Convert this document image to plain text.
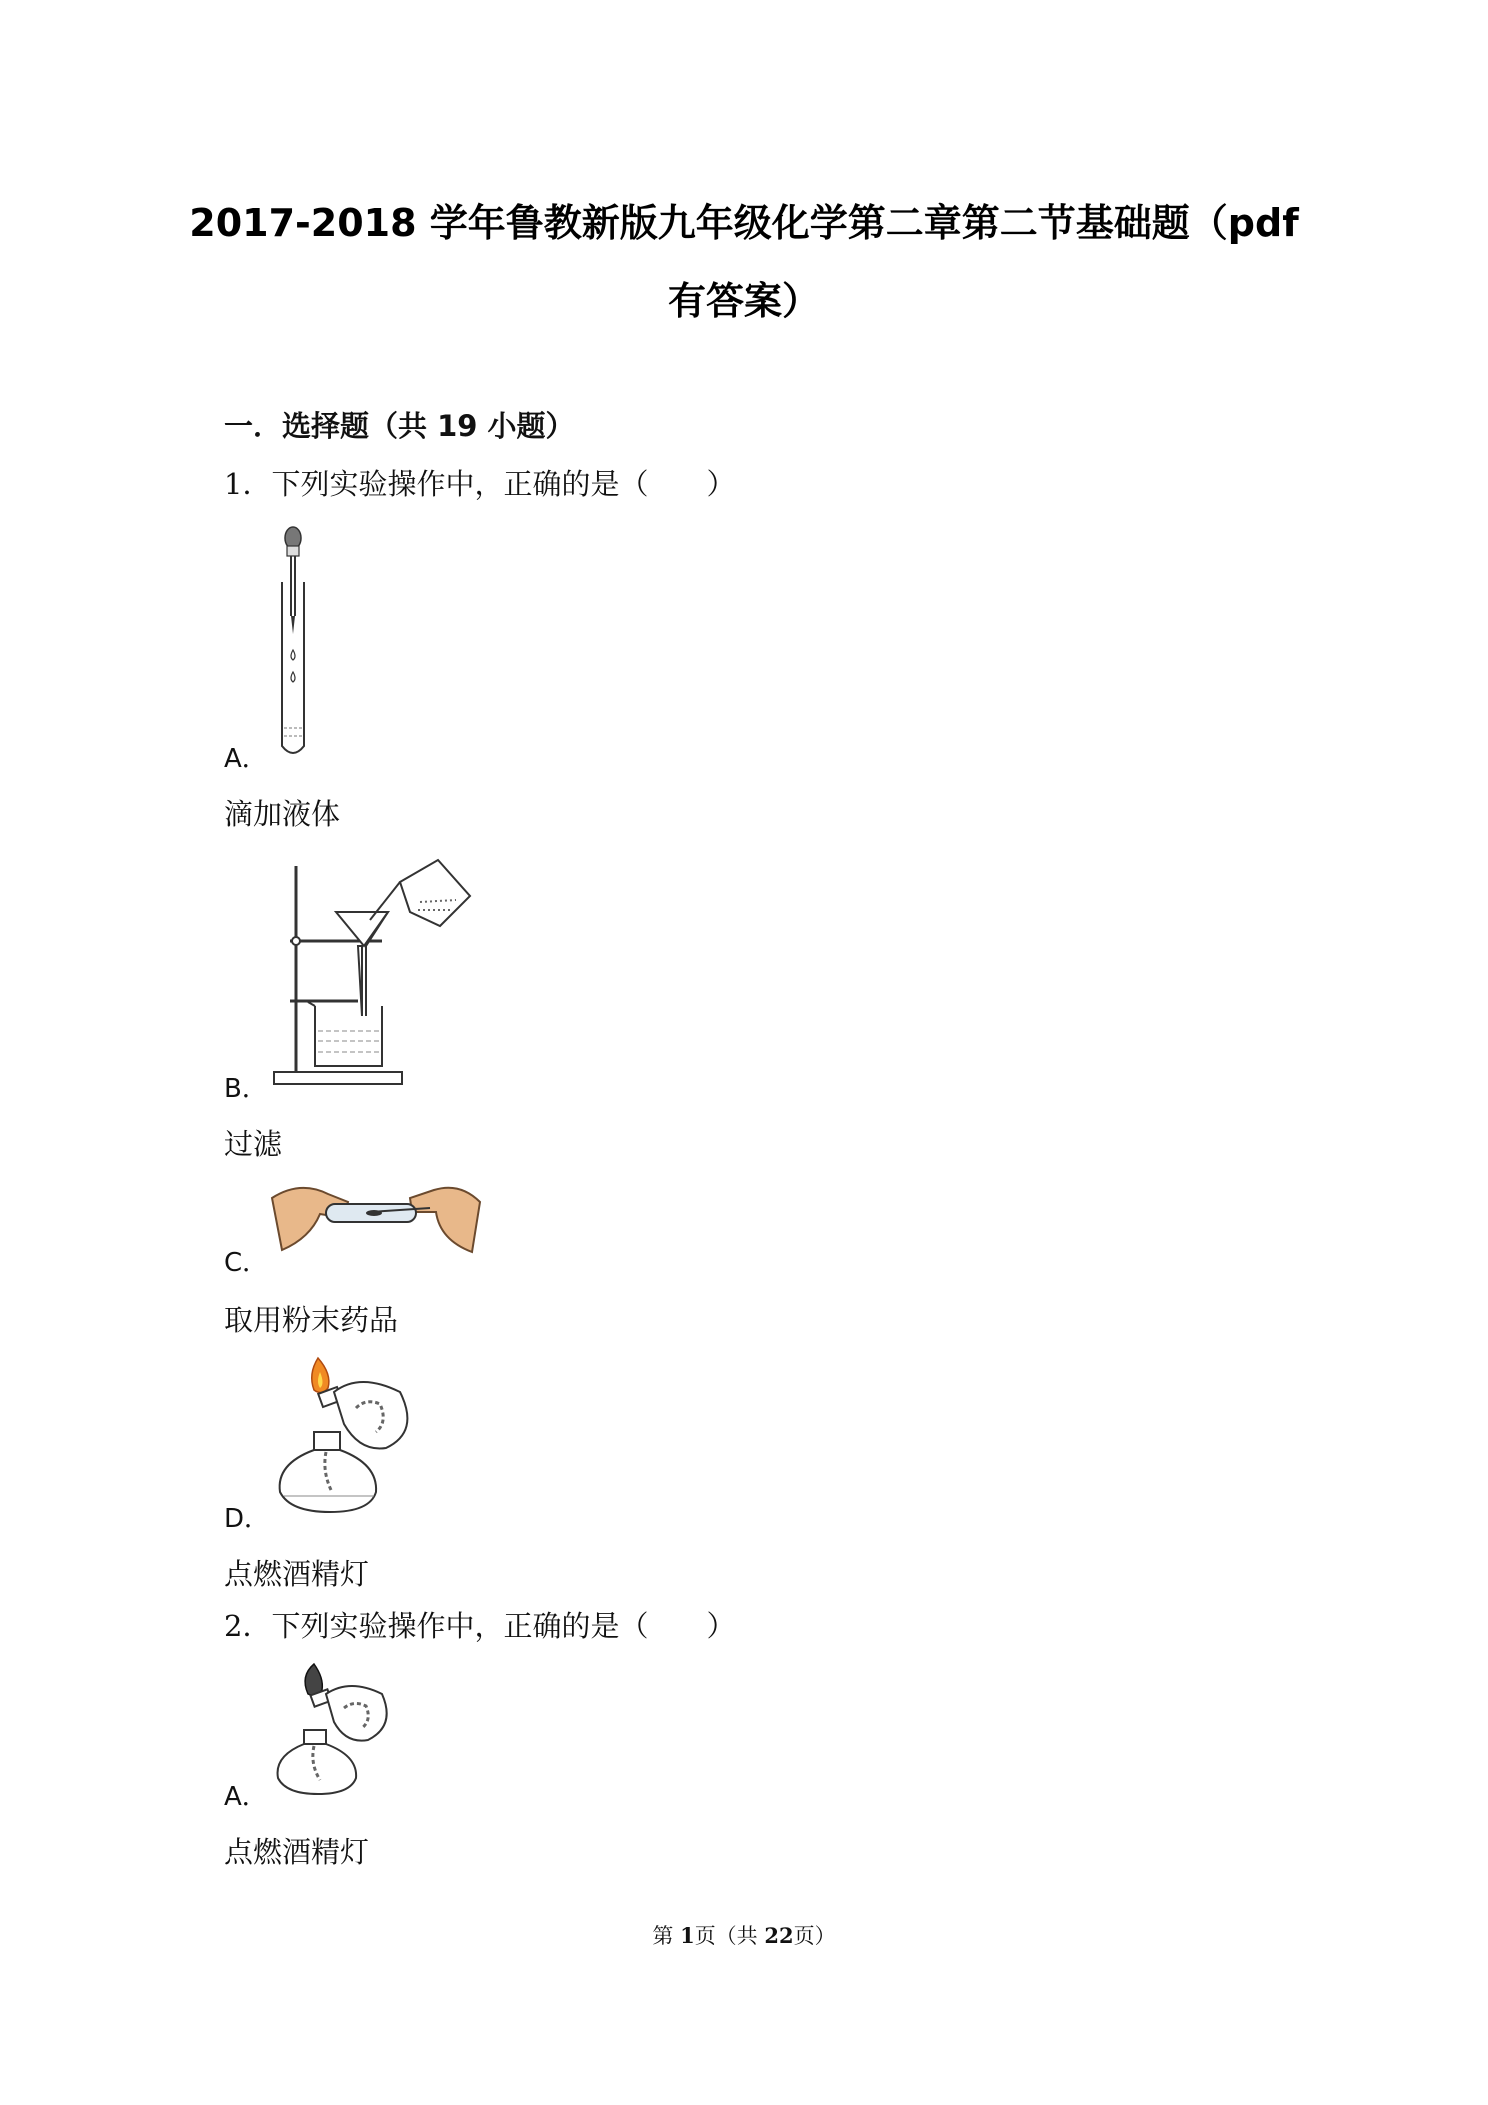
2017-2018 学年鲁教新版九年级化学第二章第二节基础题（pdf
有答案）
一．选择题（共 19 小题）
1．下列实验操作中，正确的是（　　）
A．
滴加液体
B．
过滤
C．
取用粉末药品
D．
点燃酒精灯
2．下列实验操作中，正确的是（　　）
A．
点燃酒精灯
第 1页（共 22页）
